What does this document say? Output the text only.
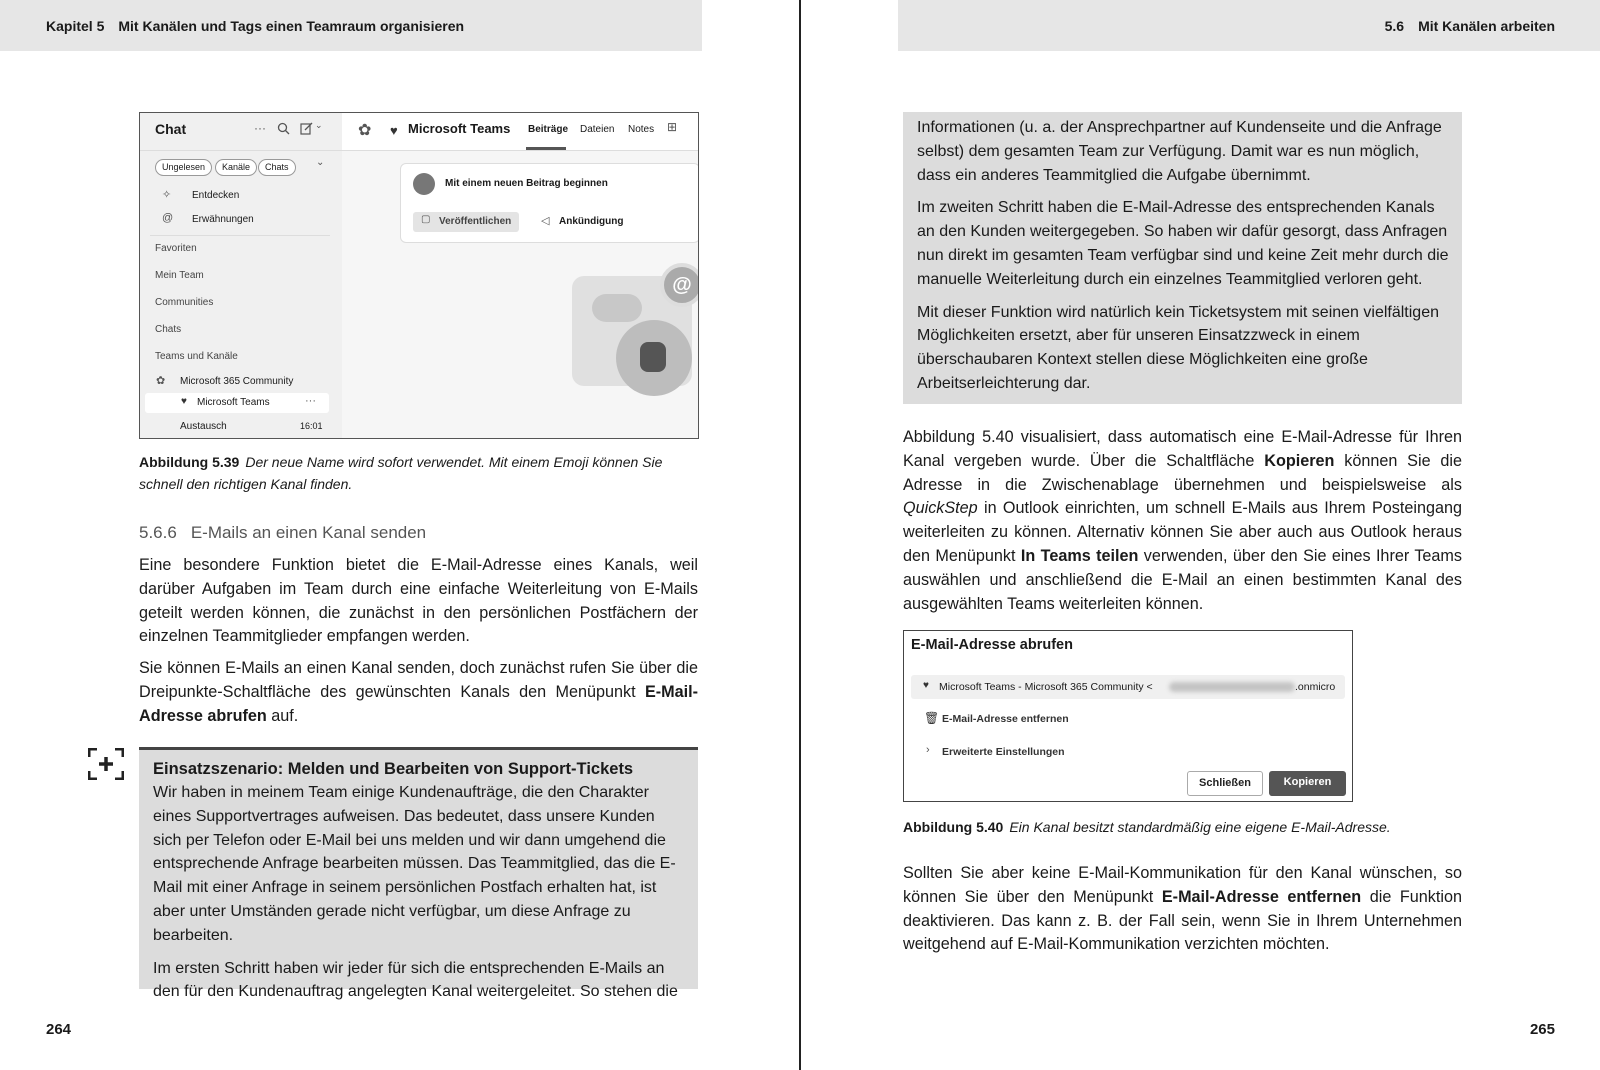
Kapitel 5 Mit Kanälen und Tags einen Teamraum organisieren
Chat	···	⌄
Ungelesen	Kanäle	Chats	⌄
✧ Entdecken
@ Erwähnungen
Favoriten
Mein Team
Communities
Chats
Teams und Kanäle
✿ Microsoft 365 Community
♥ Microsoft Teams	···
Austausch	16:01
✿ ♥ Microsoft Teams Beiträge Dateien Notes ⊞
Mit einem neuen Beitrag beginnen
▢ Veröffentlichen	◁ Ankündigung
@
Abbildung 5.39 Der neue Name wird sofort verwendet. Mit einem Emoji können Sie schnell den richtigen Kanal finden.
5.6.6 E-Mails an einen Kanal senden

Eine besondere Funktion bietet die E-Mail-Adresse eines Kanals, weil darüber Aufgaben im Team durch eine einfache Weiterleitung von E-Mails geteilt werden können, die zunächst in den persönlichen Postfächern der einzelnen Teammitglieder empfangen werden.

Sie können E-Mails an einen Kanal senden, doch zunächst rufen Sie über die Dreipunkte-Schaltfläche des gewünschten Kanals den Menüpunkt E-Mail-Adresse abrufen auf.

Einsatzszenario: Melden und Bearbeiten von Support-Tickets

Wir haben in meinem Team einige Kundenaufträge, die den Charakter eines Supportvertrages aufweisen. Das bedeutet, dass unsere Kunden sich per Telefon oder E-Mail bei uns melden und wir dann umgehend die entsprechende Anfrage bearbeiten müssen. Das Teammitglied, das die E-Mail mit einer Anfrage in seinem persönlichen Postfach erhalten hat, ist aber unter Umständen gerade nicht verfügbar, um diese Anfrage zu bearbeiten.

Im ersten Schritt haben wir jeder für sich die entsprechenden E-Mails an den für den Kundenauftrag angelegten Kanal weitergeleitet. So stehen die

264
5.6 Mit Kanälen arbeiten

Informationen (u. a. der Ansprechpartner auf Kundenseite und die Anfrage selbst) dem gesamten Team zur Verfügung. Damit war es nun möglich, dass ein anderes Teammitglied die Aufgabe übernimmt.

Im zweiten Schritt haben die E-Mail-Adresse des entsprechenden Kanals an den Kunden weitergegeben. So haben wir dafür gesorgt, dass Anfragen nun direkt im gesamten Team verfügbar sind und keine Zeit mehr durch die manuelle Weiterleitung durch ein einzelnes Teammitglied verloren geht.

Mit dieser Funktion wird natürlich kein Ticketsystem mit seinen vielfältigen Möglichkeiten ersetzt, aber für unseren Einsatzzweck in einem überschaubaren Kontext stellen diese Möglichkeiten eine große Arbeitserleichterung dar.

Abbildung 5.40 visualisiert, dass automatisch eine E-Mail-Adresse für Ihren Kanal vergeben wurde. Über die Schaltfläche Kopieren können Sie die Adresse in die Zwischenablage übernehmen und beispielsweise als QuickStep in Outlook einrichten, um schnell E-Mails aus Ihrem Posteingang weiterleiten zu können. Alternativ können Sie aber auch aus Outlook heraus den Menüpunkt In Teams teilen verwenden, über den Sie eines Ihrer Teams auswählen und anschließend die E-Mail an einen bestimmten Kanal des ausgewählten Teams weiterleiten können.

E-Mail-Adresse abrufen
♥ Microsoft Teams - Microsoft 365 Community <	.onmicro
🗑 E-Mail-Adresse entfernen
› Erweiterte Einstellungen
Schließen	Kopieren
Abbildung 5.40 Ein Kanal besitzt standardmäßig eine eigene E-Mail-Adresse.

Sollten Sie aber keine E-Mail-Kommunikation für den Kanal wünschen, so können Sie über den Menüpunkt E-Mail-Adresse entfernen die Funktion deaktivieren. Das kann z. B. der Fall sein, wenn Sie in Ihrem Unternehmen weitgehend auf E-Mail-Kommunikation verzichten möchten.

265
